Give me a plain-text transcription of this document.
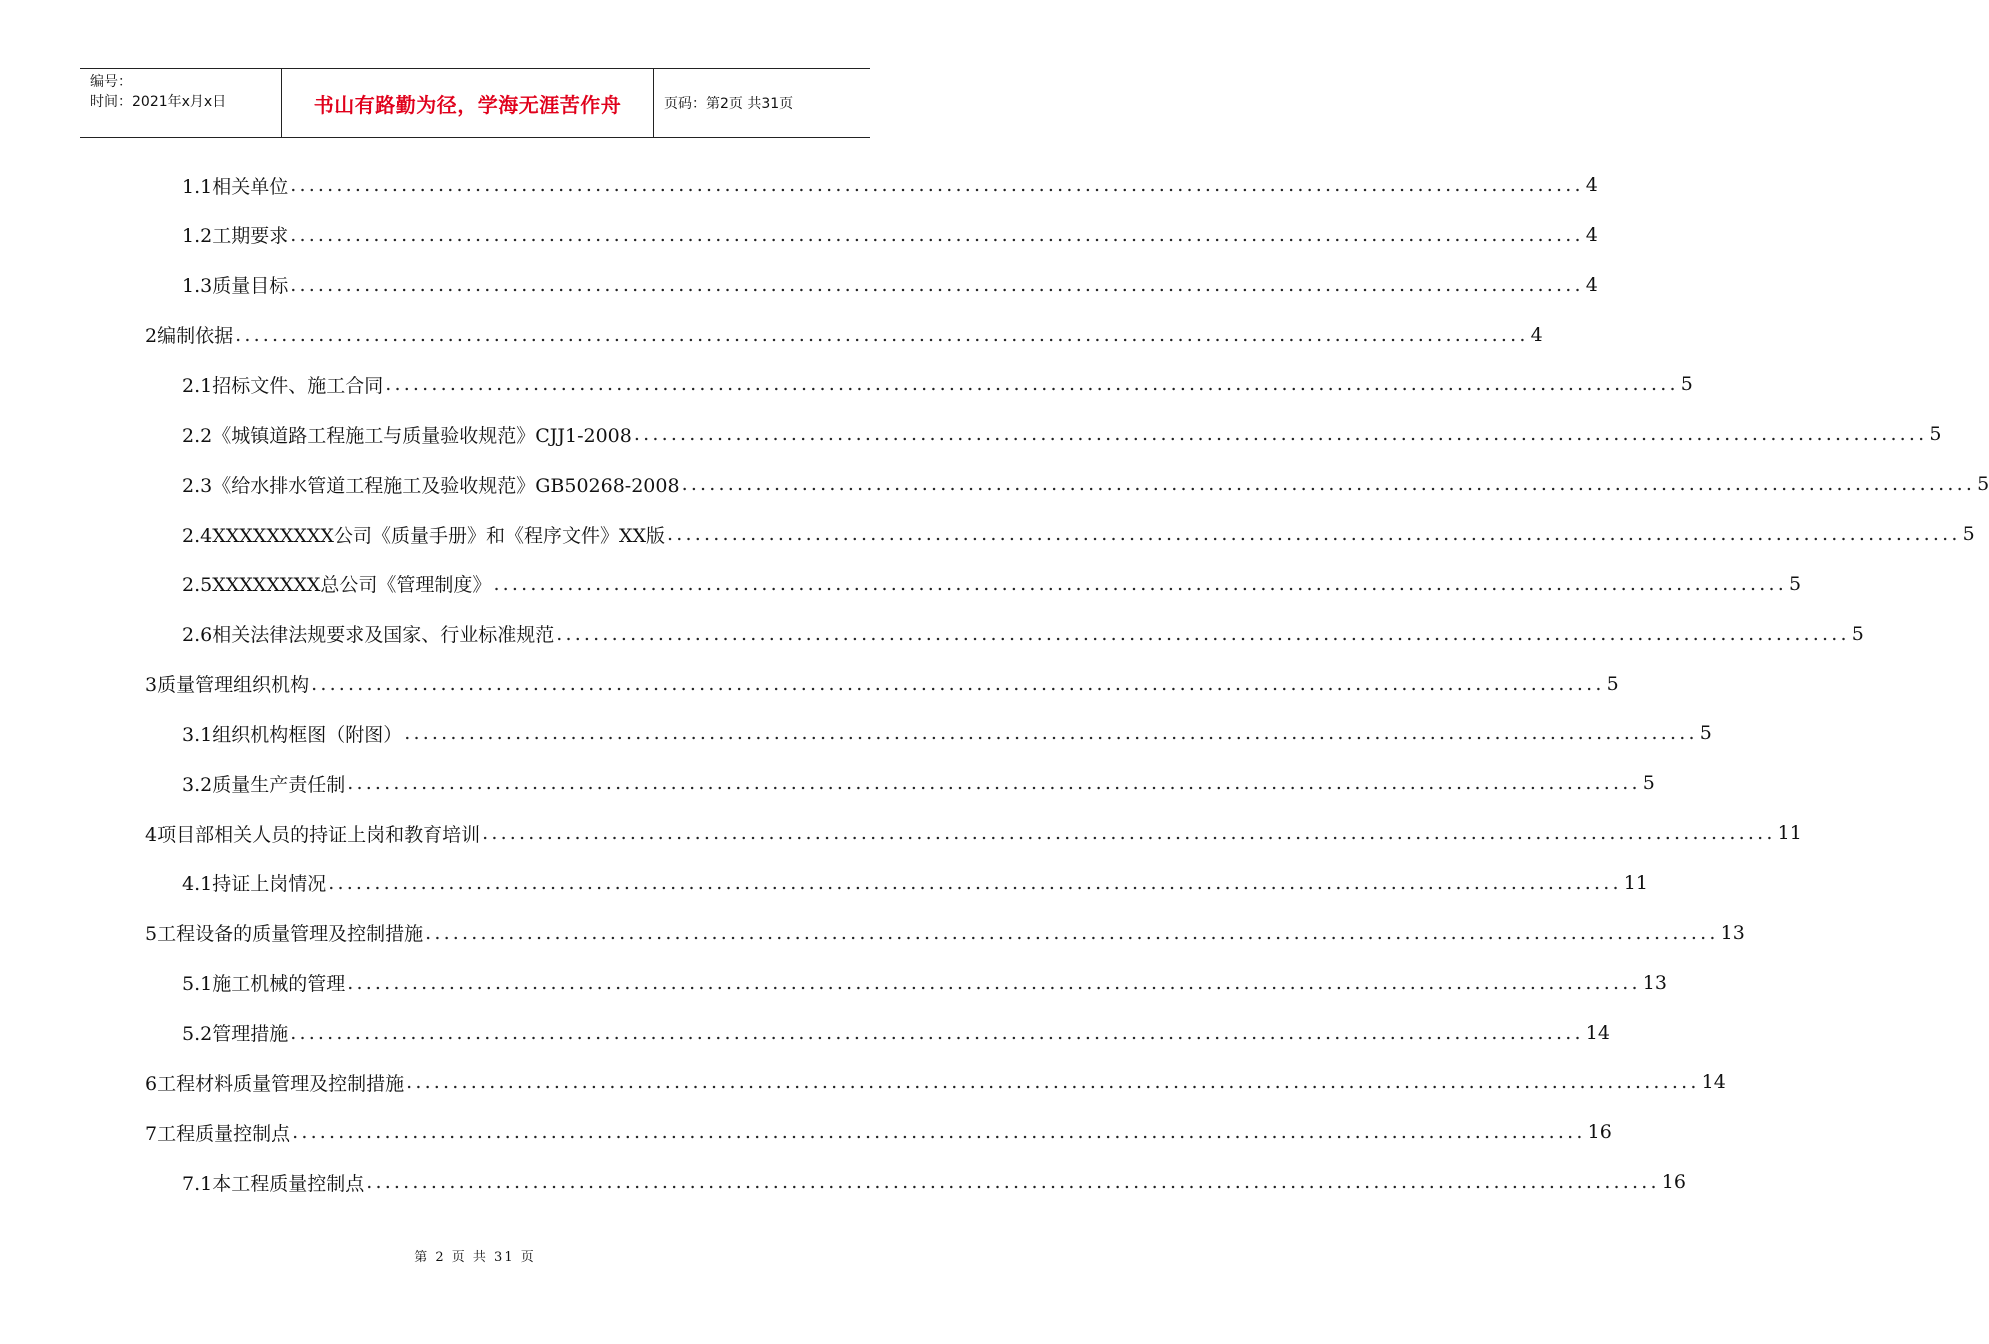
编号：
时间：2021年x月x日	书山有路勤为径，学海无涯苦作舟	页码：第2页 共31页
1.1相关单位 ............................................................................................................................................ 4
1.2工期要求 ............................................................................................................................................ 4
1.3质量目标 ............................................................................................................................................ 4
2编制依据 ............................................................................................................................................ 4
2.1招标文件、施工合同 ............................................................................................................................................ 5
2.2《城镇道路工程施工与质量验收规范》CJJ1-2008 ............................................................................................................................................ 5
2.3《给水排水管道工程施工及验收规范》GB50268-2008 ............................................................................................................................................ 5
2.4XXXXXXXXX公司《质量手册》和《程序文件》XX版 ............................................................................................................................................ 5
2.5XXXXXXXX总公司《管理制度》 ............................................................................................................................................ 5
2.6相关法律法规要求及国家、行业标准规范 ............................................................................................................................................ 5
3质量管理组织机构 ............................................................................................................................................ 5
3.1组织机构框图（附图） ............................................................................................................................................ 5
3.2质量生产责任制 ............................................................................................................................................ 5
4项目部相关人员的持证上岗和教育培训 ............................................................................................................................................ 11
4.1持证上岗情况 ............................................................................................................................................ 11
5工程设备的质量管理及控制措施 ............................................................................................................................................ 13
5.1施工机械的管理 ............................................................................................................................................ 13
5.2管理措施 ............................................................................................................................................ 14
6工程材料质量管理及控制措施 ............................................................................................................................................ 14
7工程质量控制点 ............................................................................................................................................ 16
7.1本工程质量控制点 ............................................................................................................................................ 16
第 2 页 共 31 页
